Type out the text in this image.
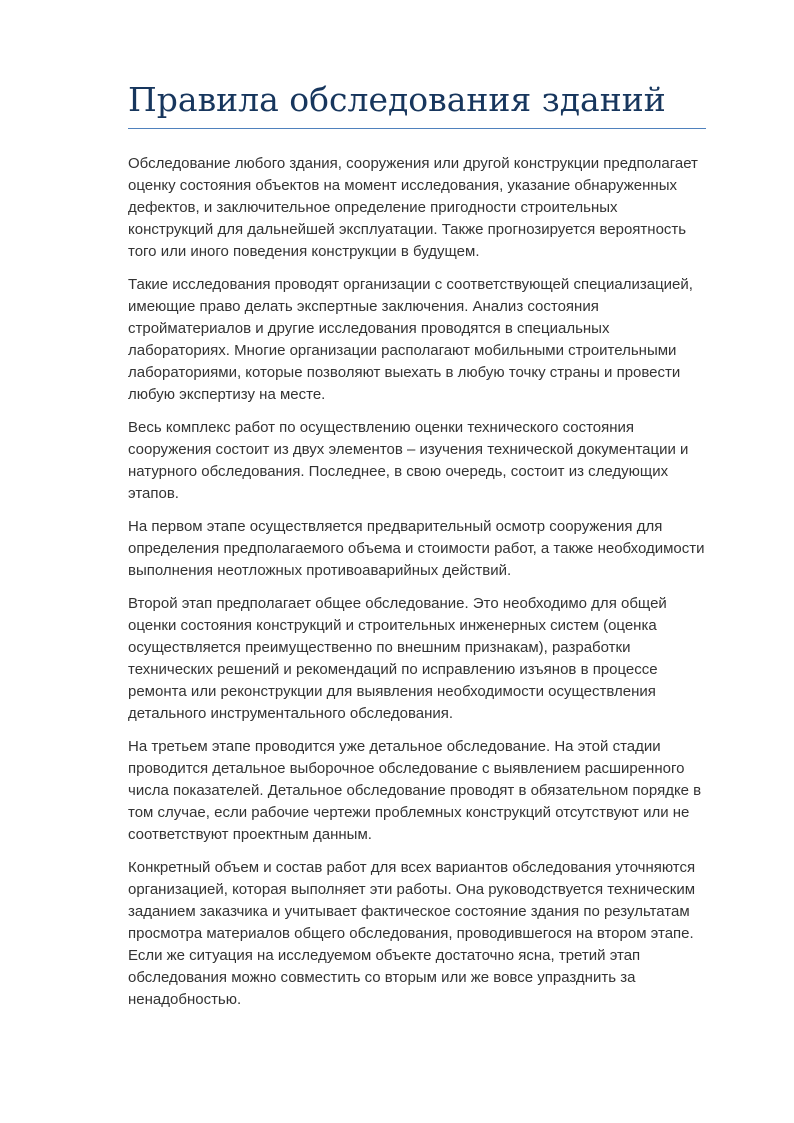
Правила обследования зданий

Обследование любого здания, сооружения или другой конструкции предполагает оценку состояния объектов на момент исследования, указание обнаруженных дефектов, и заключительное определение пригодности строительных конструкций для дальнейшей эксплуатации. Также прогнозируется вероятность того или иного поведения конструкции в будущем.

Такие исследования проводят организации с соответствующей специализацией, имеющие право делать экспертные заключения. Анализ состояния стройматериалов и другие исследования проводятся в специальных лабораториях. Многие организации располагают мобильными строительными лабораториями, которые позволяют выехать в любую точку страны и провести любую экспертизу на месте.

Весь комплекс работ по осуществлению оценки технического состояния сооружения состоит из двух элементов – изучения технической документации и натурного обследования. Последнее, в свою очередь, состоит из следующих этапов.

На первом этапе осуществляется предварительный осмотр сооружения для определения предполагаемого объема и стоимости работ, а также необходимости выполнения неотложных противоаварийных действий.

Второй этап предполагает общее обследование. Это необходимо для общей оценки состояния конструкций и строительных инженерных систем (оценка осуществляется преимущественно по внешним признакам), разработки технических решений и рекомендаций по исправлению изъянов в процессе ремонта или реконструкции для выявления необходимости осуществления детального инструментального обследования.

На третьем этапе проводится уже детальное обследование. На этой стадии проводится детальное выборочное обследование с выявлением расширенного числа показателей. Детальное обследование проводят в обязательном порядке в том случае, если рабочие чертежи проблемных конструкций отсутствуют или не соответствуют проектным данным.

Конкретный объем и состав работ для всех вариантов обследования уточняются организацией, которая выполняет эти работы. Она руководствуется техническим заданием заказчика и учитывает фактическое состояние здания по результатам просмотра материалов общего обследования, проводившегося на втором этапе. Если же ситуация на исследуемом объекте достаточно ясна, третий этап обследования можно совместить со вторым или же вовсе упразднить за ненадобностью.
